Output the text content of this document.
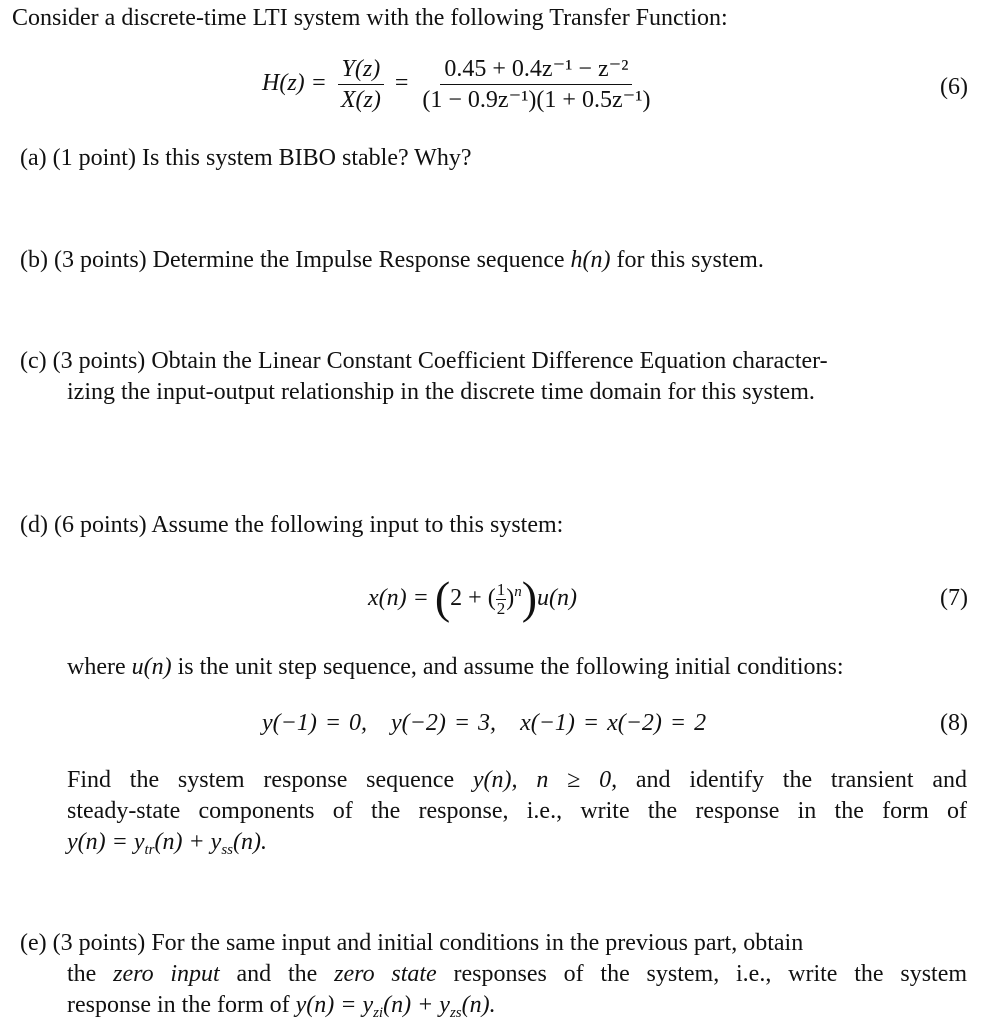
Consider a discrete-time LTI system with the following Transfer Function:
$H(z) = \frac{Y(z)}{X(z)} = \frac{\text{0.45 + 0.4z⁻¹ − z⁻²}}{\text{(1 − 0.9z⁻¹)(1 + 0.5z⁻¹)}}$	(6)
(a) (1 point) Is this system BIBO stable? Why?
(b) (3 points) Determine the Impulse Response sequence h(n) for this system.
(c) (3 points) Obtain the Linear Constant Coefficient Difference Equation character-
izing the input-output relationship in the discrete time domain for this system.
(d) (6 points) Assume the following input to this system:
x(n) = (2 + ( $\frac{1}{2} )^n)u(n)$	(7)
where u(n) is the unit step sequence, and assume the following initial conditions:
y(−1) = 0, y(−2) = 3, x(−1) = x(−2) = 2	(8)
Find the system response sequence y(n), n ≥ 0, and identify the transient and
steady-state components of the response, i.e., write the response in the form of
$y(n) = y_{tr}(n) + y_{ss}(n)$.
(e) (3 points) For the same input and initial conditions in the previous part, obtain
the zero input and the zero state responses of the system, i.e., write the system
response in the form of $y(n) = y_{zi}(n) + y_{zs}(n)$.
